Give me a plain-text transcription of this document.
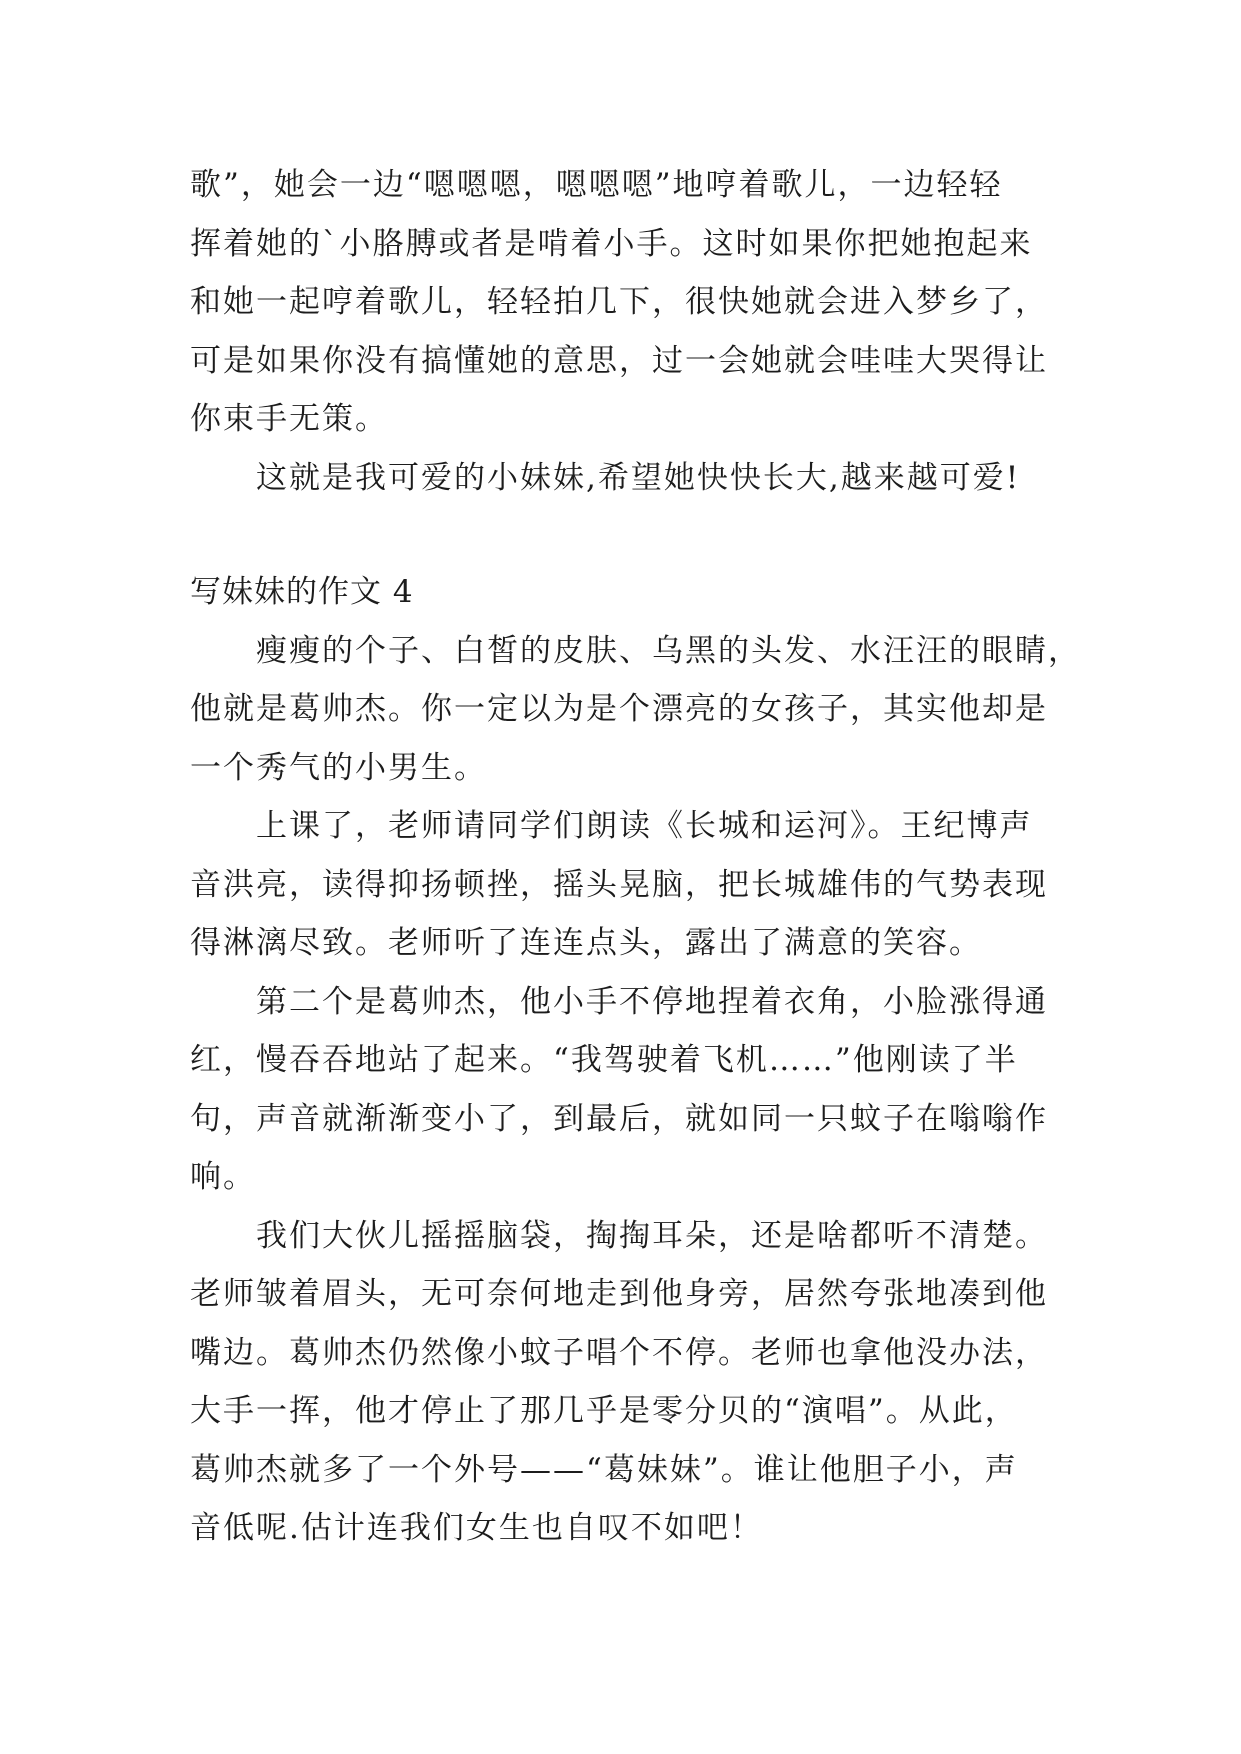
歌”，她会一边“嗯嗯嗯，嗯嗯嗯”地哼着歌儿，一边轻轻
挥着她的`小胳膊或者是啃着小手。这时如果你把她抱起来
和她一起哼着歌儿，轻轻拍几下，很快她就会进入梦乡了，
可是如果你没有搞懂她的意思，过一会她就会哇哇大哭得让
你束手无策。
这就是我可爱的小妹妹,希望她快快长大,越来越可爱!
写妹妹的作文 4
瘦瘦的个子、白皙的皮肤、乌黑的头发、水汪汪的眼睛，
他就是葛帅杰。你一定以为是个漂亮的女孩子，其实他却是
一个秀气的小男生。
上课了，老师请同学们朗读《长城和运河》。王纪博声
音洪亮，读得抑扬顿挫，摇头晃脑，把长城雄伟的气势表现
得淋漓尽致。老师听了连连点头，露出了满意的笑容。
第二个是葛帅杰，他小手不停地捏着衣角，小脸涨得通
红，慢吞吞地站了起来。“我驾驶着飞机……”他刚读了半
句，声音就渐渐变小了，到最后，就如同一只蚊子在嗡嗡作
响。
我们大伙儿摇摇脑袋，掏掏耳朵，还是啥都听不清楚。
老师皱着眉头，无可奈何地走到他身旁，居然夸张地凑到他
嘴边。葛帅杰仍然像小蚊子唱个不停。老师也拿他没办法，
大手一挥，他才停止了那几乎是零分贝的“演唱”。从此，
葛帅杰就多了一个外号——“葛妹妹”。谁让他胆子小，声
音低呢.估计连我们女生也自叹不如吧！
